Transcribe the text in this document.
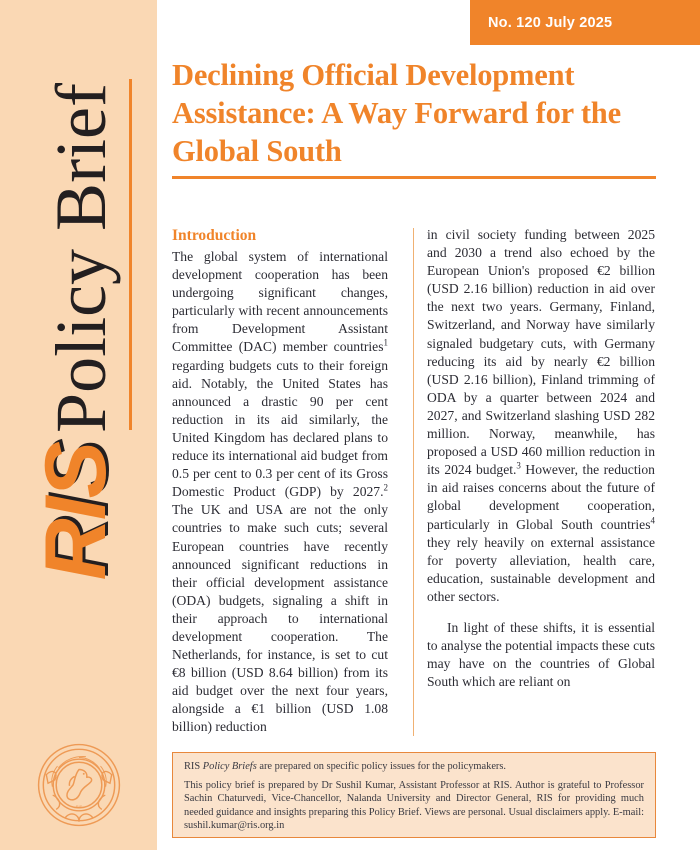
RISPolicy Brief
RIS
No. 120 July 2025
Declining Official Development Assistance: A Way Forward for the Global South
Introduction

The global system of international development cooperation has been undergoing significant changes, particularly with recent announcements from Development Assistant Committee (DAC) member countries$^1$ regarding budgets cuts to their foreign aid. Notably, the United States has announced a drastic 90 per cent reduction in its aid similarly, the United Kingdom has declared plans to reduce its international aid budget from 0.5 per cent to 0.3 per cent of its Gross Domestic Product (GDP) by 2027.$^2$ The UK and USA are not the only countries to make such cuts; several European countries have recently announced significant reductions in their official development assistance (ODA) budgets, signaling a shift in their approach to international development cooperation. The Netherlands, for instance, is set to cut €8 billion (USD 8.64 billion) from its aid budget over the next four years, alongside a €1 billion (USD 1.08 billion) reduction

in civil society funding between 2025 and 2030 a trend also echoed by the European Union's proposed €2 billion (USD 2.16 billion) reduction in aid over the next two years. Germany, Finland, Switzerland, and Norway have similarly signaled budgetary cuts, with Germany reducing its aid by nearly €2 billion (USD 2.16 billion), Finland trimming of ODA by a quarter between 2024 and 2027, and Switzerland slashing USD 282 million. Norway, meanwhile, has proposed a USD 460 million reduction in its 2024 budget.$^3$ However, the reduction in aid raises concerns about the future of global development cooperation, particularly in Global South countries$^4$ they rely heavily on external assistance for poverty alleviation, health care, education, sustainable development and other sectors.

In light of these shifts, it is essential to analyse the potential impacts these cuts may have on the countries of Global South which are reliant on

RIS Policy Briefs are prepared on specific policy issues for the policymakers.

This policy brief is prepared by Dr Sushil Kumar, Assistant Professor at RIS. Author is grateful to Professor Sachin Chaturvedi, Vice-Chancellor, Nalanda University and Director General, RIS for providing much needed guidance and insights preparing this Policy Brief. Views are personal. Usual disclaimers apply. E-mail: sushil.kumar@ris.org.in
